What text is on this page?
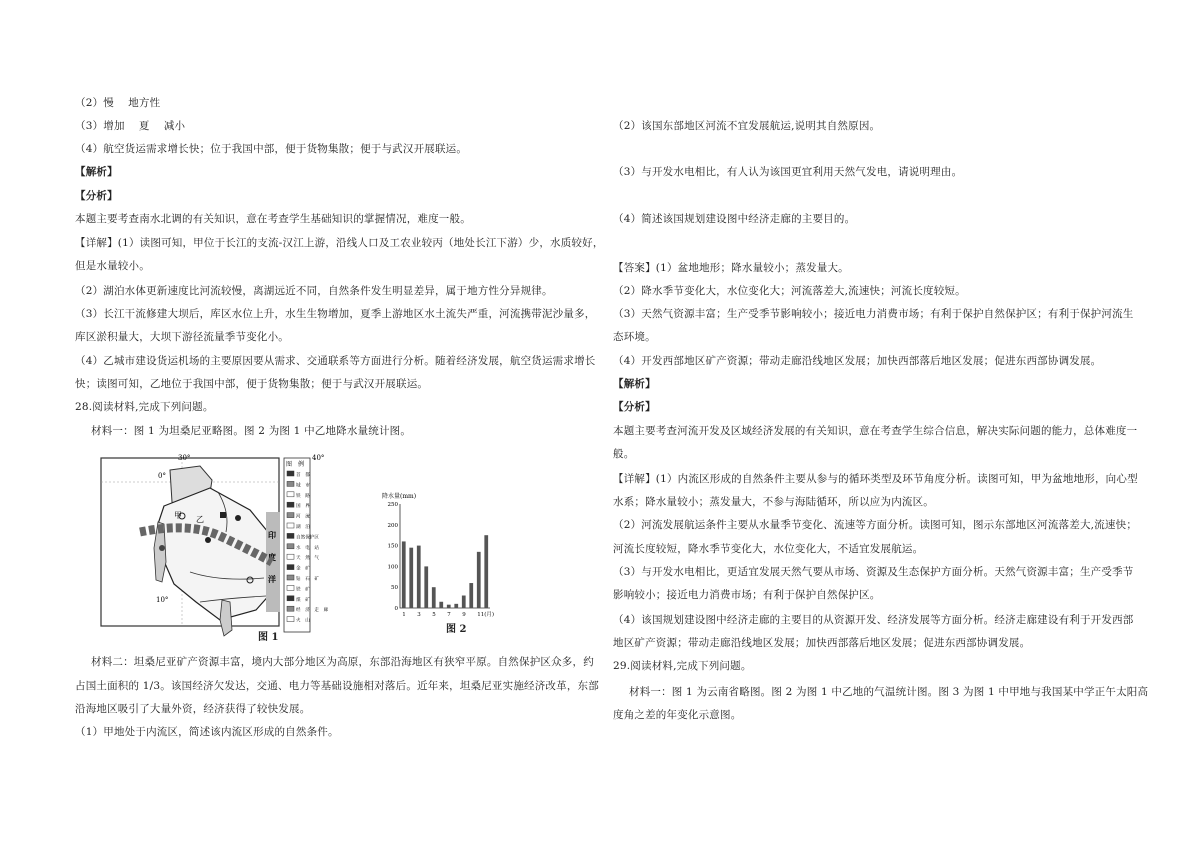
（2）慢　 地方性
（3）增加　 夏　 减小
（4）航空货运需求增长快；位于我国中部，便于货物集散；便于与武汉开展联运。
【解析】
【分析】
本题主要考查南水北调的有关知识，意在考查学生基础知识的掌握情况，难度一般。
【详解】(1）读图可知，甲位于长江的支流-汉江上游，沿线人口及工农业较丙（地处长江下游）少，水质较好，
但是水量较小。
（2）湖泊水体更新速度比河流较慢，离湖远近不同，自然条件发生明显差异，属于地方性分异规律。
（3）长江干流修建大坝后，库区水位上升，水生生物增加，夏季上游地区水土流失严重，河流携带泥沙量多，
库区淤积量大，大坝下游径流量季节变化小。
（4）乙城市建设货运机场的主要原因要从需求、交通联系等方面进行分析。随着经济发展，航空货运需求增长
快；读图可知，乙地位于我国中部，便于货物集散；便于与武汉开展联运。
28.阅读材料,完成下列问题。
材料一：图 1 为坦桑尼亚略图。图 2 为图 1 中乙地降水量统计图。
材料二：坦桑尼亚矿产资源丰富，境内大部分地区为高原，东部沿海地区有狭窄平原。自然保护区众多，约
占国土面积的 1/3。该国经济欠发达，交通、电力等基础设施相对落后。近年来，坦桑尼亚实施经济改革，东部
沿海地区吸引了大量外资，经济获得了较快发展。
（1）甲地处于内流区，简述该内流区形成的自然条件。
（2）该国东部地区河流不宜发展航运,说明其自然原因。
（3）与开发水电相比，有人认为该国更宜利用天然气发电，请说明理由。
（4）简述该国规划建设图中经济走廊的主要目的。
【答案】(1）盆地地形；降水量较小；蒸发量大。
（2）降水季节变化大，水位变化大；河流落差大,流速快；河流长度较短。
（3）天然气资源丰富；生产受季节影响较小；接近电力消费市场；有利于保护自然保护区；有利于保护河流生
态环境。
（4）开发西部地区矿产资源；带动走廊沿线地区发展；加快西部落后地区发展；促进东西部协调发展。
【解析】
【分析】
本题主要考查河流开发及区域经济发展的有关知识，意在考查学生综合信息，解决实际问题的能力，总体难度一
般。
【详解】(1）内流区形成的自然条件主要从参与的循环类型及环节角度分析。读图可知，甲为盆地地形，向心型
水系；降水量较小；蒸发量大，不参与海陆循环，所以应为内流区。
（2）河流发展航运条件主要从水量季节变化、流速等方面分析。读图可知，图示东部地区河流落差大,流速快；
河流长度较短，降水季节变化大，水位变化大，不适宜发展航运。
（3）与开发水电相比，更适宜发展天然气要从市场、资源及生态保护方面分析。天然气资源丰富；生产受季节
影响较小；接近电力消费市场；有利于保护自然保护区。
（4）该国规划建设图中经济走廊的主要目的从资源开发、经济发展等方面分析。经济走廊建设有利于开发西部
地区矿产资源；带动走廊沿线地区发展；加快西部落后地区发展；促进东西部协调发展。
29.阅读材料,完成下列问题。
材料一：图 1 为云南省略图。图 2 为图 1 中乙地的气温统计图。图 3 为图 1 中甲地与我国某中学正午太阳高
度角之差的年变化示意图。
30°	40°
0°
10°
印
度
洋
甲 乙
图　例
首　都
城　市
铁　路
国　界
河　流
湖　泊
自然保护区
水　电　站
天　然　气
金　矿
钻　石　矿
铁　矿
煤　矿
经　济　走　廊
火　山
图 1
降水量(mm)
0
50
100
150
200
250
1 3 5 7 9 11(月)
图 2
